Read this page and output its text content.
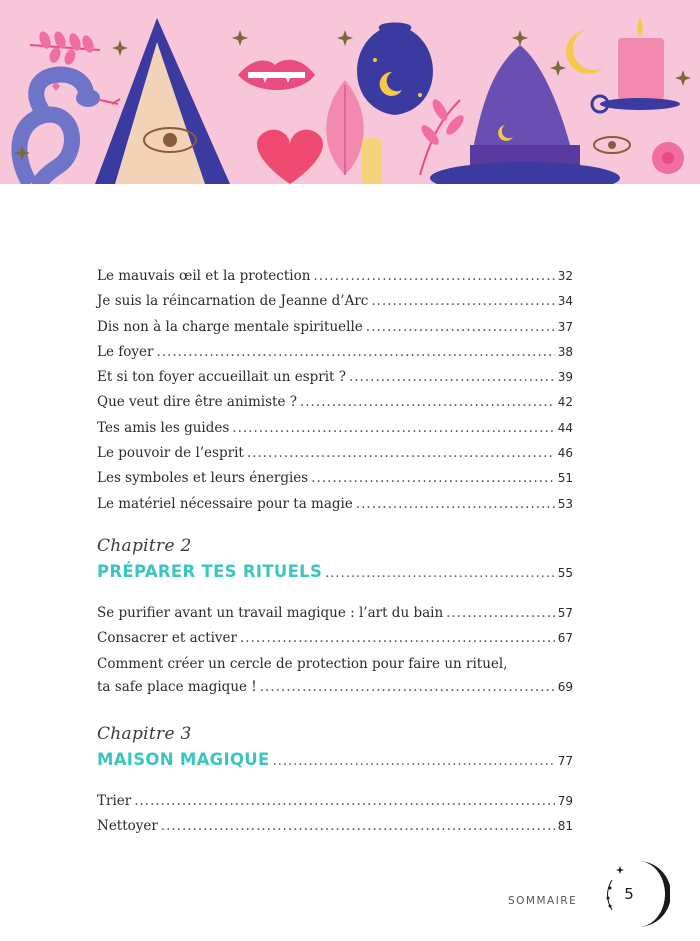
Le mauvais œil et la protection .....	32
Je suis la réincarnation de Jeanne d’Arc .....	34
Dis non à la charge mentale spirituelle .....	37
Le foyer .....	38
Et si ton foyer accueillait un esprit ? .....	39
Que veut dire être animiste ? .....	42
Tes amis les guides .....	44
Le pouvoir de l’esprit .....	46
Les symboles et leurs énergies .....	51
Le matériel nécessaire pour ta magie .....	53
Chapitre 2
PRÉPARER TES RITUELS .....	55
Se purifier avant un travail magique : l’art du bain .....	57
Consacrer et activer .....	67
Comment créer un cercle de protection pour faire un rituel,
ta safe place magique ! .....	69
Chapitre 3
MAISON MAGIQUE .....	77
Trier .....	79
Nettoyer .....	81
SOMMAIRE	5
